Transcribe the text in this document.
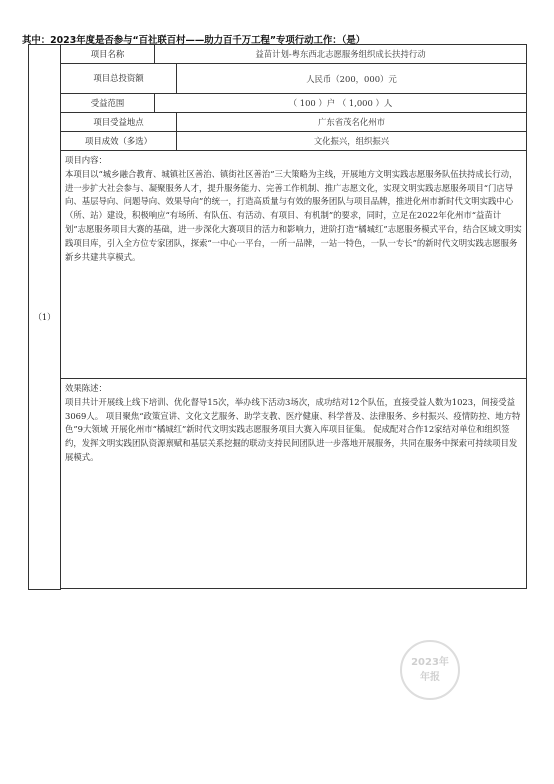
其中：2023年度是否参与“百社联百村——助力百千万工程”专项行动工作：（是）
（1）	项目名称	益苗计划-粤东西北志愿服务组织成长扶持行动	

	项目总投资额		人民币（200，000）元
	受益范围	（ 100 ）户 （ 1,000 ）人	
	项目受益地点		广东省茂名化州市
	项目成效（多选）		文化振兴，组织振兴

	项目内容：
本项目以“城乡融合教育、城镇社区善治、镇街社区善治”三大策略为主线，开展地方文明实践志愿服务队伍扶持成长行动，进一步扩大社会参与、凝聚服务人才，提升服务能力、完善工作机制、推广志愿文化，实现文明实践志愿服务项目“门店导向、基层导向、问题导向、效果导向”的统一，打造高质量与有效的服务团队与项目品牌，推进化州市新时代文明实践中心（所、站）建设，积极响应“有场所、有队伍、有活动、有项目、有机制”的要求，同时，立足在2022年化州市“益苗计划”志愿服务项目大赛的基础，进一步深化大赛项目的活力和影响力，进阶打造“橘城红”志愿服务模式平台，结合区域文明实践项目库，引入全方位专家团队，探索“一中心一平台，一所一品牌，一站一特色，一队一专长”的新时代文明实践志愿服务新乡共建共享模式。		

	效果陈述：
项目共计开展线上线下培训、优化督导15次，举办线下活动3场次，成功结对12个队伍，直接受益人数为1023，间接受益3069人。 项目聚焦“政策宣讲、文化文艺服务、助学支教、医疗健康、科学普及、法律服务、乡村振兴、疫情防控、地方特色”9大领域 开展化州市“橘城红”新时代文明实践志愿服务项目大赛入库项目征集。 促成配对合作12家结对单位和组织签约，发挥文明实践团队资源禀赋和基层关系挖掘的联动支持民间团队进一步落地开展服务，共同在服务中探索可持续项目发展模式。		

2023年
年报
